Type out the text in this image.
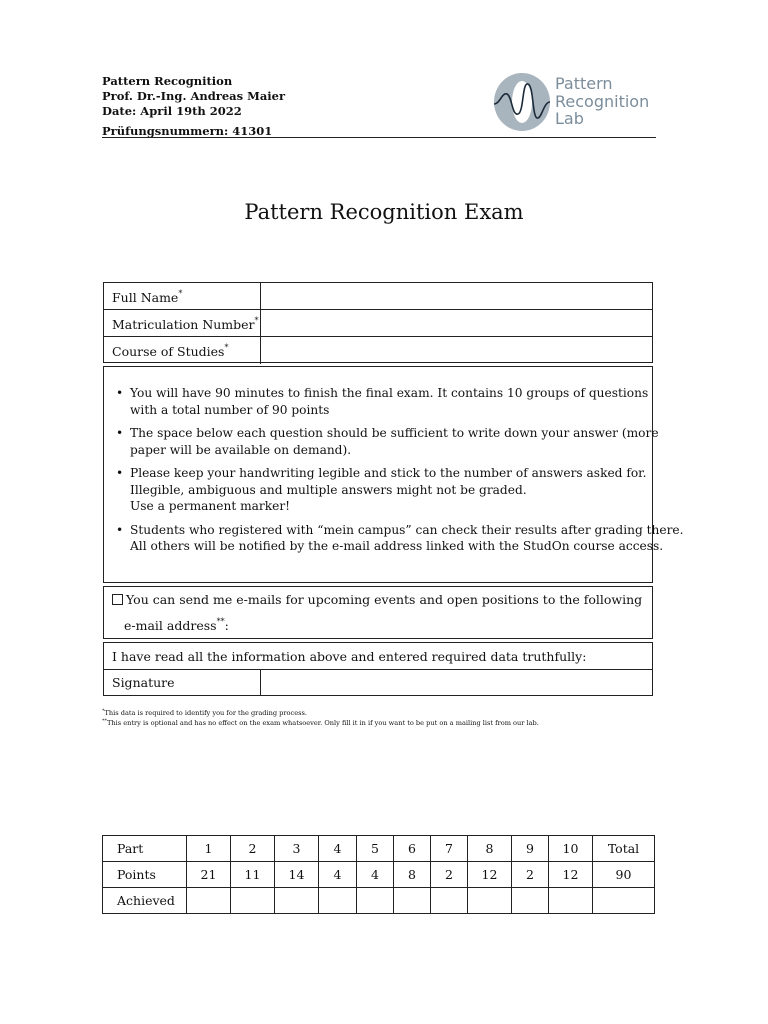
Pattern Recognition
Prof. Dr.-Ing. Andreas Maier
Date: April 19th 2022
Prüfungsnummern: 41301
Pattern
Recognition
Lab
Pattern Recognition Exam
Full Name*
Matriculation Number*
Course of Studies*
• You will have 90 minutes to finish the final exam. It contains 10 groups of questions
with a total number of 90 points
• The space below each question should be sufficient to write down your answer (more
paper will be available on demand).
• Please keep your handwriting legible and stick to the number of answers asked for.
Illegible, ambiguous and multiple answers might not be graded.
Use a permanent marker!
• Students who registered with “mein campus” can check their results after grading there.
All others will be notified by the e-mail address linked with the StudOn course access.
You can send me e-mails for upcoming events and open positions to the following
e-mail address**:
I have read all the information above and entered required data truthfully:
Signature
*This data is required to identify you for the grading process.
**This entry is optional and has no effect on the exam whatsoever. Only fill it in if you want to be put on a mailing list from our lab.
Part	1	2	3	4	5	6	7	8	9	10	Total
Points	21	11	14	4	4	8	2	12	2	12	90
Achieved											
